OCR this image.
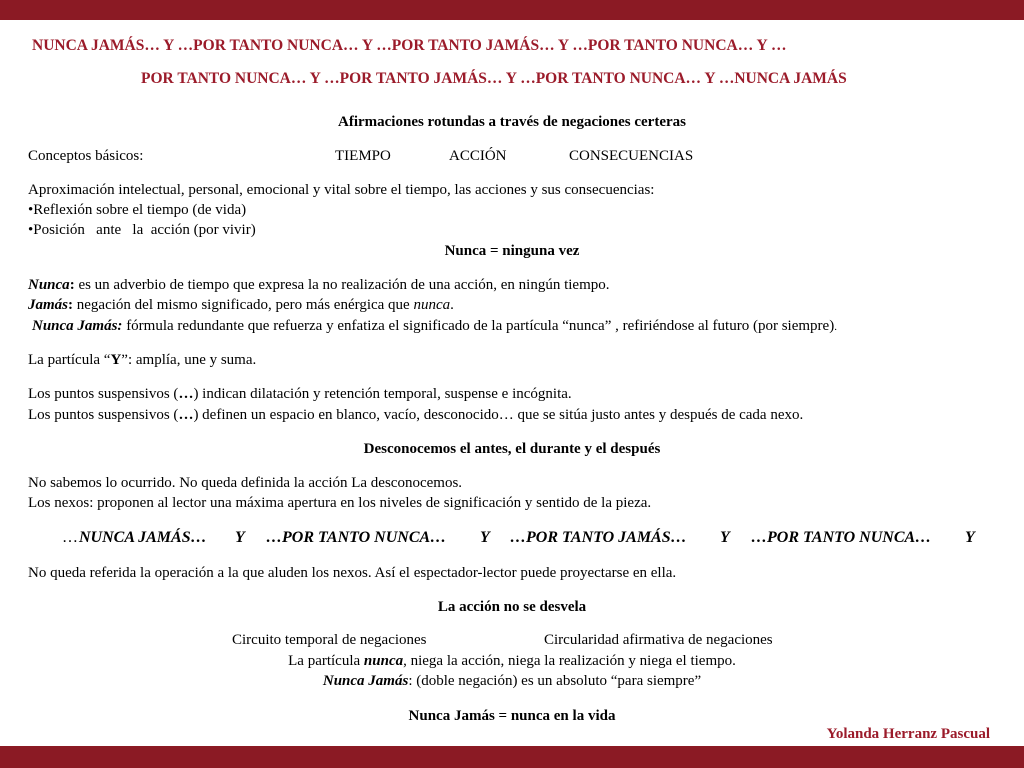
NUNCA JAMÁS… Y …POR TANTO NUNCA… Y …POR TANTO JAMÁS… Y …POR TANTO NUNCA… Y …
POR TANTO NUNCA… Y …POR TANTO JAMÁS… Y …POR TANTO NUNCA… Y …NUNCA JAMÁS
Afirmaciones rotundas a través de negaciones certeras
Conceptos básicos:	TIEMPO	ACCIÓN	CONSECUENCIAS
Aproximación intelectual, personal, emocional y vital sobre el tiempo, las acciones y sus consecuencias:
•Reflexión sobre el tiempo (de vida)
•Posición   ante   la  acción (por vivir)
Nunca = ninguna vez
Nunca: es un adverbio de tiempo que expresa la no realización de una acción, en ningún tiempo.
Jamás: negación del mismo significado, pero más enérgica que nunca.
Nunca Jamás: fórmula redundante que refuerza y enfatiza el significado de la partícula “nunca” , refiriéndose al futuro (por siempre).
La partícula “Y”: amplía, une y suma.
Los puntos suspensivos (…) indican dilatación y retención temporal, suspense e incógnita.
Los puntos suspensivos (…) definen un espacio en blanco, vacío, desconocido… que se sitúa justo antes y después de cada nexo.
Desconocemos el antes, el durante y el después
No sabemos lo ocurrido. No queda definida la acción La desconocemos.
Los nexos: proponen al lector una máxima apertura en los niveles de significación y sentido de la pieza.
… NUNCA JAMÁS… Y …POR TANTO NUNCA… Y …POR TANTO JAMÁS… Y …POR TANTO NUNCA… Y
No queda referida la operación a la que aluden los nexos. Así el espectador-lector puede proyectarse en ella.
La acción no se desvela
Circuito temporal de negaciones	Circularidad afirmativa de negaciones
La partícula nunca, niega la acción, niega la realización y niega el tiempo.
Nunca Jamás: (doble negación) es un absoluto “para siempre”
Nunca Jamás = nunca en la vida
Yolanda Herranz Pascual
